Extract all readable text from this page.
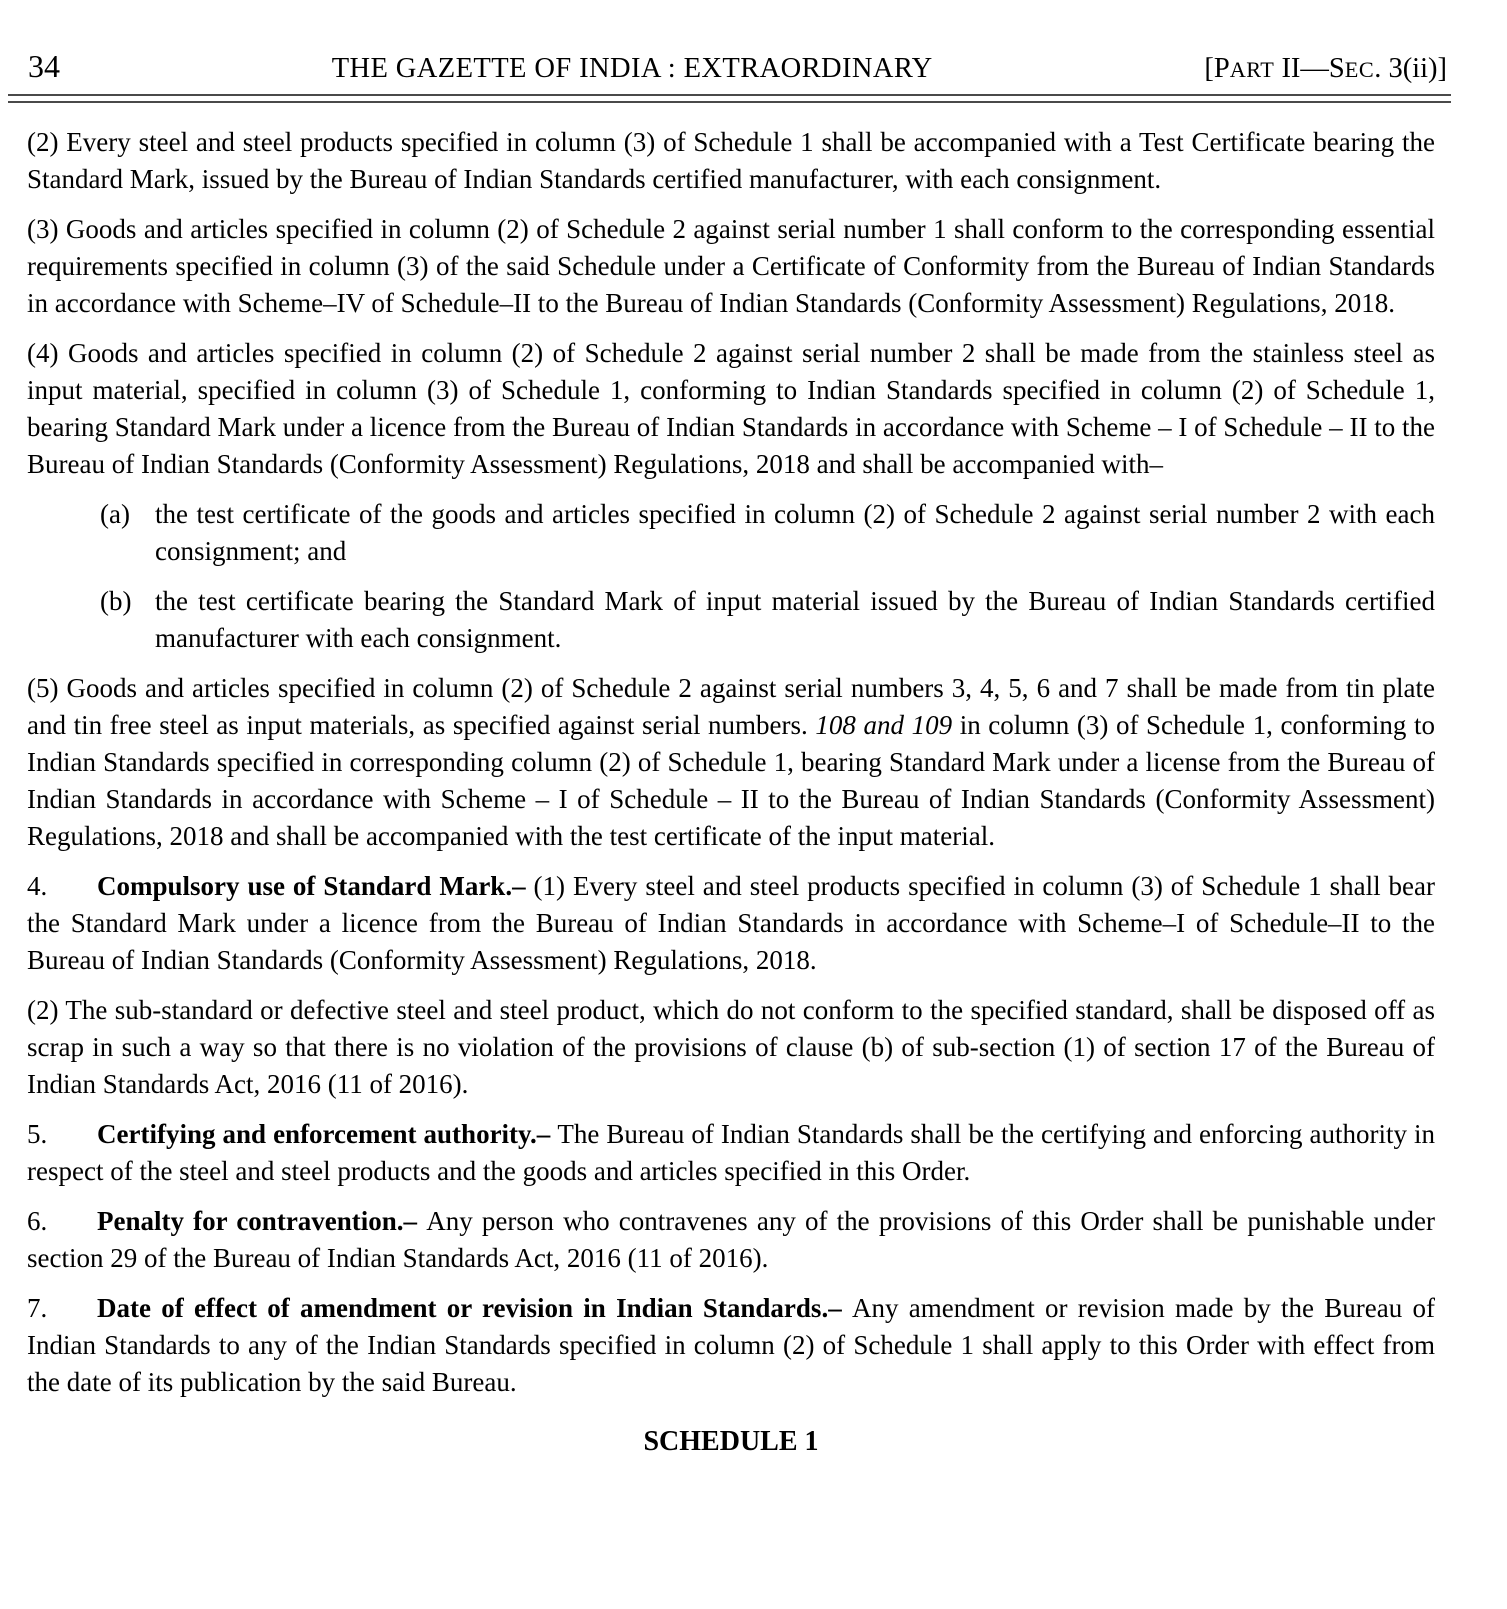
34	THE GAZETTE OF INDIA : EXTRAORDINARY	[PART II—SEC. 3(ii)]

(2) Every steel and steel products specified in column (3) of Schedule 1 shall be accompanied with a Test Certificate bearing the Standard Mark, issued by the Bureau of Indian Standards certified manufacturer, with each consignment.

(3) Goods and articles specified in column (2) of Schedule 2 against serial number 1 shall conform to the corresponding essential requirements specified in column (3) of the said Schedule under a Certificate of Conformity from the Bureau of Indian Standards in accordance with Scheme–IV of Schedule–II to the Bureau of Indian Standards (Conformity Assessment) Regulations, 2018.

(4) Goods and articles specified in column (2) of Schedule 2 against serial number 2 shall be made from the stainless steel as input material, specified in column (3) of Schedule 1, conforming to Indian Standards specified in column (2) of Schedule 1, bearing Standard Mark under a licence from the Bureau of Indian Standards in accordance with Scheme – I of Schedule – II to the Bureau of Indian Standards (Conformity Assessment) Regulations, 2018 and shall be accompanied with–

(a) the test certificate of the goods and articles specified in column (2) of Schedule 2 against serial number 2 with each consignment; and
(b) the test certificate bearing the Standard Mark of input material issued by the Bureau of Indian Standards certified manufacturer with each consignment.

(5) Goods and articles specified in column (2) of Schedule 2 against serial numbers 3, 4, 5, 6 and 7 shall be made from tin plate and tin free steel as input materials, as specified against serial numbers. 108 and 109 in column (3) of Schedule 1, conforming to Indian Standards specified in corresponding column (2) of Schedule 1, bearing Standard Mark under a license from the Bureau of Indian Standards in accordance with Scheme – I of Schedule – II to the Bureau of Indian Standards (Conformity Assessment) Regulations, 2018 and shall be accompanied with the test certificate of the input material.

4. Compulsory use of Standard Mark.– (1) Every steel and steel products specified in column (3) of Schedule 1 shall bear the Standard Mark under a licence from the Bureau of Indian Standards in accordance with Scheme–I of Schedule–II to the Bureau of Indian Standards (Conformity Assessment) Regulations, 2018.

(2) The sub-standard or defective steel and steel product, which do not conform to the specified standard, shall be disposed off as scrap in such a way so that there is no violation of the provisions of clause (b) of sub-section (1) of section 17 of the Bureau of Indian Standards Act, 2016 (11 of 2016).

5. Certifying and enforcement authority.– The Bureau of Indian Standards shall be the certifying and enforcing authority in respect of the steel and steel products and the goods and articles specified in this Order.

6. Penalty for contravention.– Any person who contravenes any of the provisions of this Order shall be punishable under section 29 of the Bureau of Indian Standards Act, 2016 (11 of 2016).

7. Date of effect of amendment or revision in Indian Standards.– Any amendment or revision made by the Bureau of Indian Standards to any of the Indian Standards specified in column (2) of Schedule 1 shall apply to this Order with effect from the date of its publication by the said Bureau.

SCHEDULE 1
